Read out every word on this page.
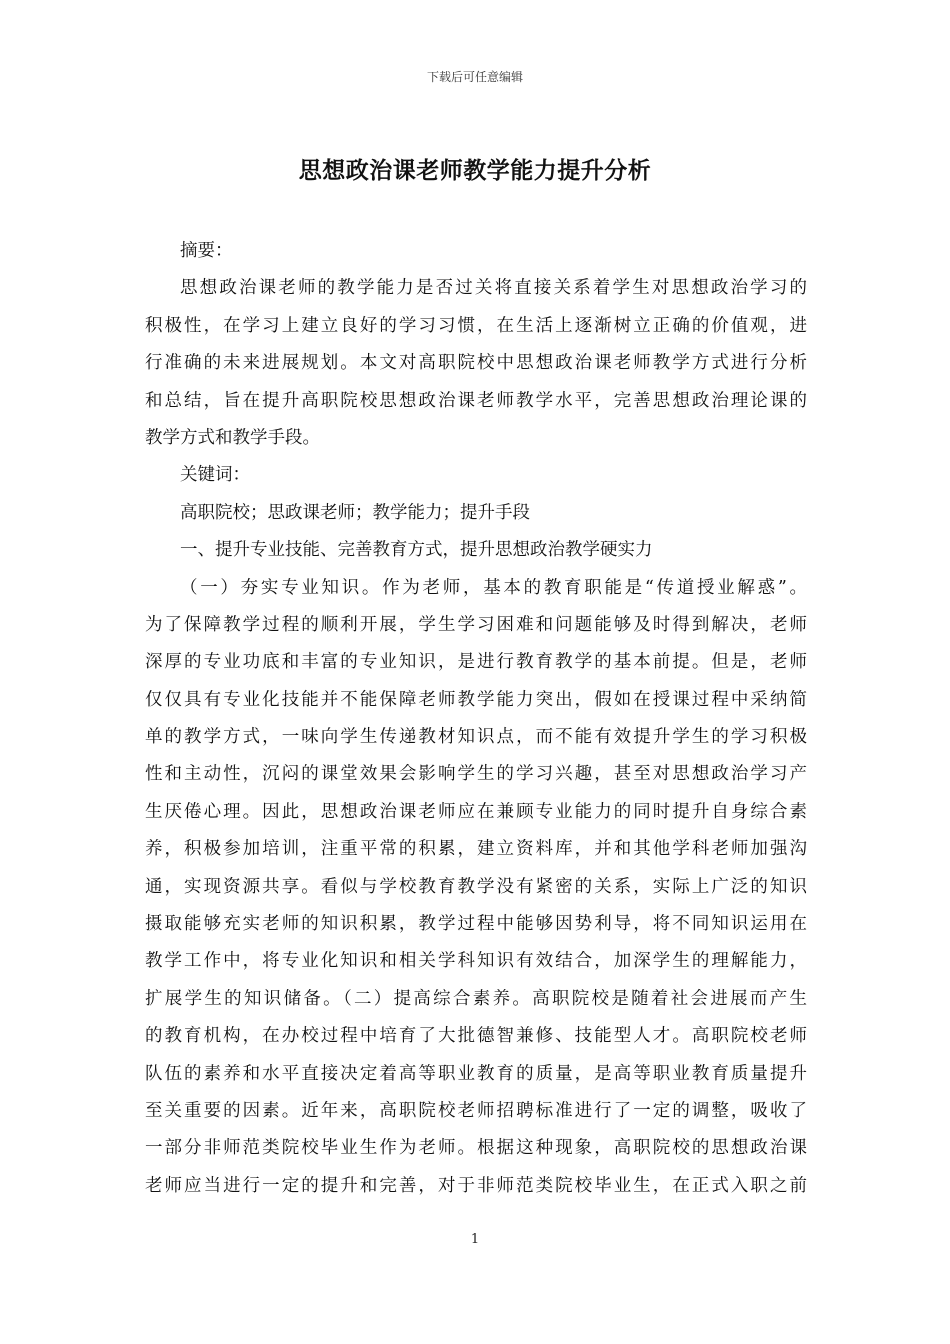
下载后可任意编辑
思想政治课老师教学能力提升分析
摘要：
思想政治课老师的教学能力是否过关将直接关系着学生对思想政治学习的
积极性，在学习上建立良好的学习习惯，在生活上逐渐树立正确的价值观，进
行准确的未来进展规划。本文对高职院校中思想政治课老师教学方式进行分析
和总结，旨在提升高职院校思想政治课老师教学水平，完善思想政治理论课的
教学方式和教学手段。
关键词：
高职院校；思政课老师；教学能力；提升手段
一、提升专业技能、完善教育方式，提升思想政治教学硬实力
（一）夯实专业知识。作为老师，基本的教育职能是“传道授业解惑”。
为了保障教学过程的顺利开展，学生学习困难和问题能够及时得到解决，老师
深厚的专业功底和丰富的专业知识，是进行教育教学的基本前提。但是，老师
仅仅具有专业化技能并不能保障老师教学能力突出，假如在授课过程中采纳简
单的教学方式，一味向学生传递教材知识点，而不能有效提升学生的学习积极
性和主动性，沉闷的课堂效果会影响学生的学习兴趣，甚至对思想政治学习产
生厌倦心理。因此，思想政治课老师应在兼顾专业能力的同时提升自身综合素
养，积极参加培训，注重平常的积累，建立资料库，并和其他学科老师加强沟
通，实现资源共享。看似与学校教育教学没有紧密的关系，实际上广泛的知识
摄取能够充实老师的知识积累，教学过程中能够因势利导，将不同知识运用在
教学工作中，将专业化知识和相关学科知识有效结合，加深学生的理解能力，
扩展学生的知识储备。（二）提高综合素养。高职院校是随着社会进展而产生
的教育机构，在办校过程中培育了大批德智兼修、技能型人才。高职院校老师
队伍的素养和水平直接决定着高等职业教育的质量，是高等职业教育质量提升
至关重要的因素。近年来，高职院校老师招聘标准进行了一定的调整，吸收了
一部分非师范类院校毕业生作为老师。根据这种现象，高职院校的思想政治课
老师应当进行一定的提升和完善，对于非师范类院校毕业生，在正式入职之前
1
